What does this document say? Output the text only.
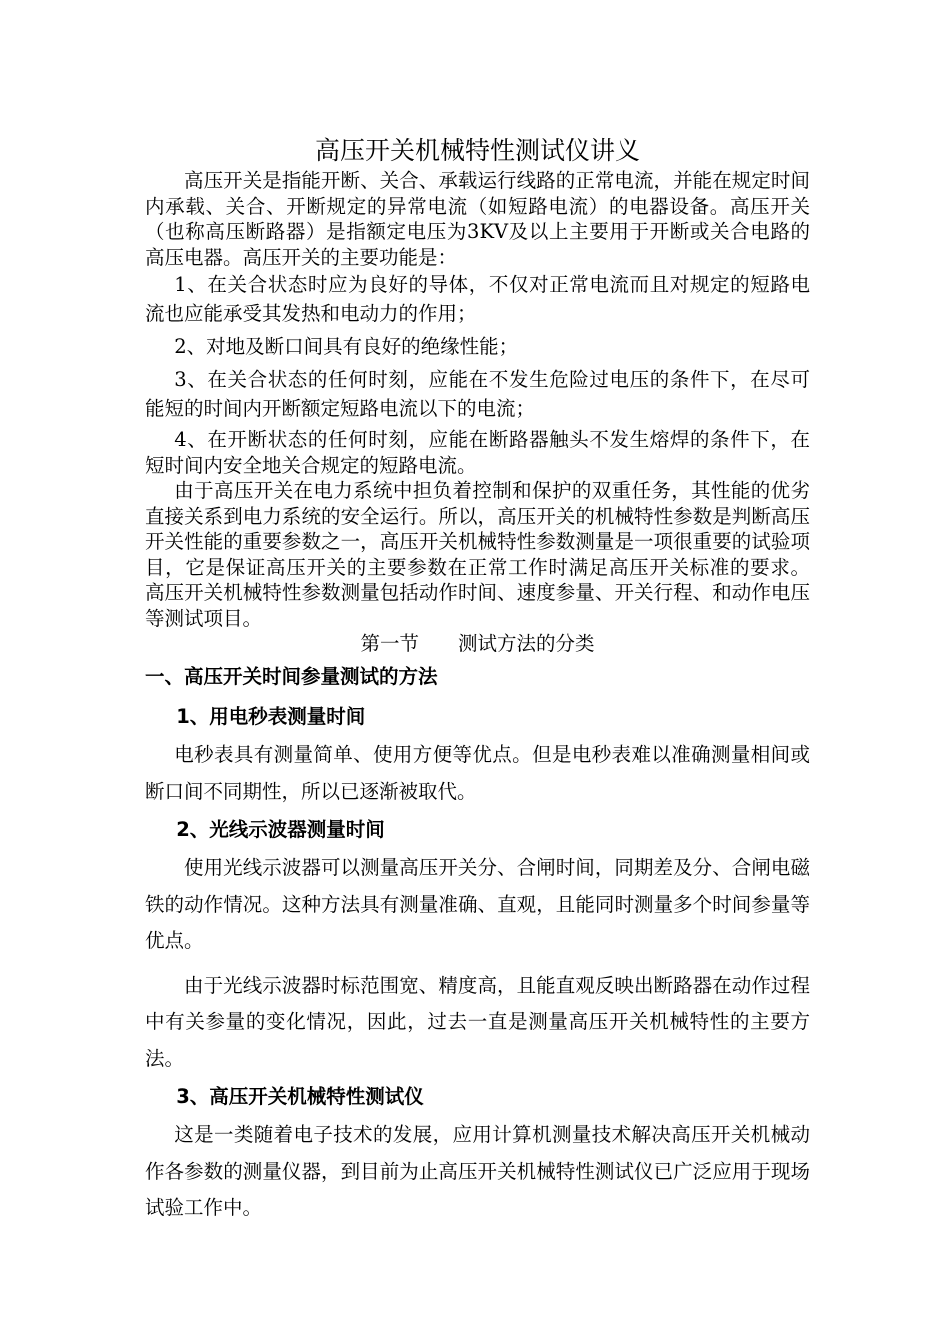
高压开关机械特性测试仪讲义

高压开关是指能开断、关合、承载运行线路的正常电流，并能在规定时间内承载、关合、开断规定的异常电流（如短路电流）的电器设备。高压开关（也称高压断路器）是指额定电压为3KV及以上主要用于开断或关合电路的高压电器。高压开关的主要功能是：

1、在关合状态时应为良好的导体，不仅对正常电流而且对规定的短路电流也应能承受其发热和电动力的作用；

2、对地及断口间具有良好的绝缘性能；

3、在关合状态的任何时刻，应能在不发生危险过电压的条件下，在尽可能短的时间内开断额定短路电流以下的电流；

4、在开断状态的任何时刻，应能在断路器触头不发生熔焊的条件下，在短时间内安全地关合规定的短路电流。

由于高压开关在电力系统中担负着控制和保护的双重任务，其性能的优劣直接关系到电力系统的安全运行。所以，高压开关的机械特性参数是判断高压开关性能的重要参数之一，高压开关机械特性参数测量是一项很重要的试验项目，它是保证高压开关的主要参数在正常工作时满足高压开关标准的要求。 高压开关机械特性参数测量包括动作时间、速度参量、开关行程、和动作电压等测试项目。

第一节　　测试方法的分类

一、高压开关时间参量测试的方法

1、用电秒表测量时间

电秒表具有测量简单、使用方便等优点。但是电秒表难以准确测量相间或断口间不同期性，所以已逐渐被取代。

2、光线示波器测量时间

使用光线示波器可以测量高压开关分、合闸时间，同期差及分、合闸电磁铁的动作情况。这种方法具有测量准确、直观，且能同时测量多个时间参量等优点。

由于光线示波器时标范围宽、精度高，且能直观反映出断路器在动作过程中有关参量的变化情况，因此，过去一直是测量高压开关机械特性的主要方法。

3、高压开关机械特性测试仪

这是一类随着电子技术的发展，应用计算机测量技术解决高压开关机械动作各参数的测量仪器，到目前为止高压开关机械特性测试仪已广泛应用于现场试验工作中。
